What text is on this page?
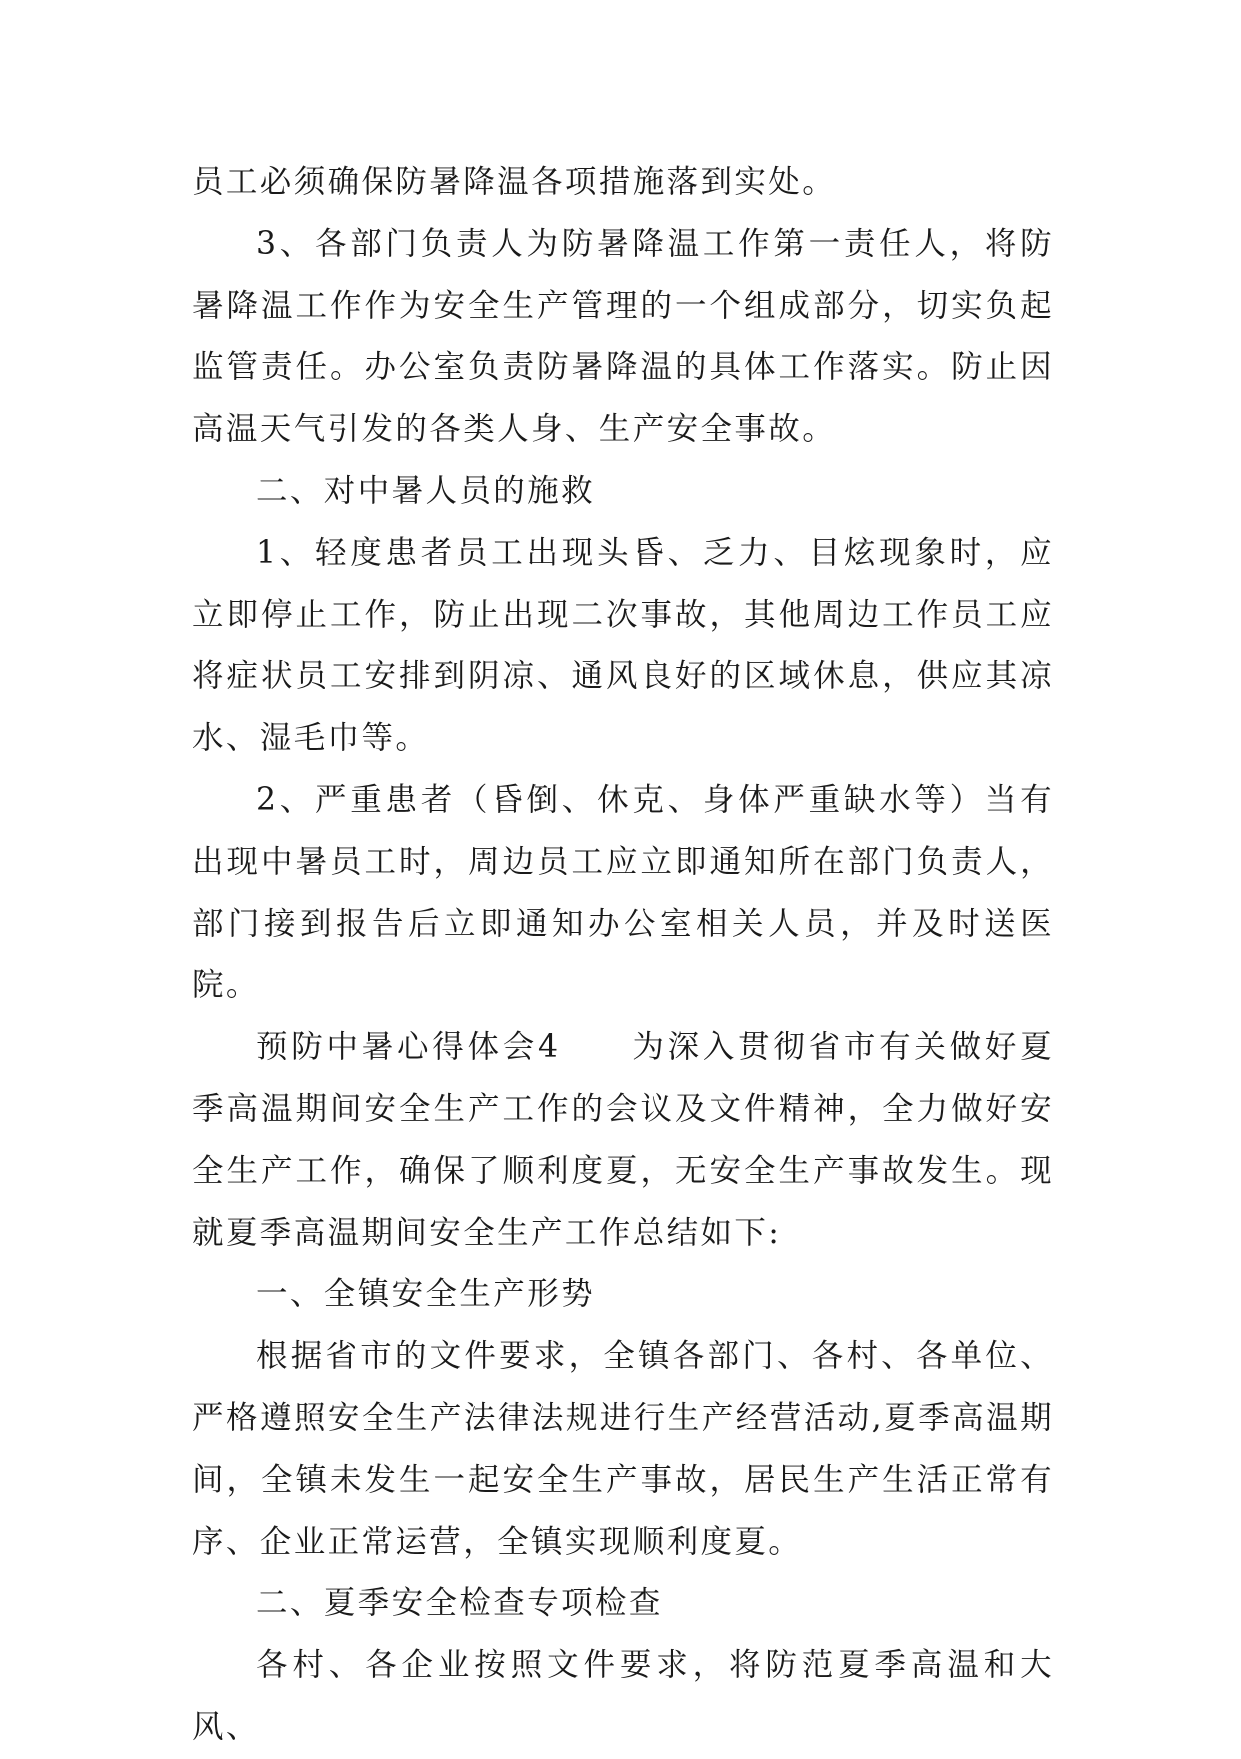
员工必须确保防暑降温各项措施落到实处。

3、各部门负责人为防暑降温工作第一责任人，将防暑降温工作作为安全生产管理的一个组成部分，切实负起监管责任。办公室负责防暑降温的具体工作落实。防止因高温天气引发的各类人身、生产安全事故。

二、对中暑人员的施救

1、轻度患者员工出现头昏、乏力、目炫现象时，应立即停止工作，防止出现二次事故，其他周边工作员工应将症状员工安排到阴凉、通风良好的区域休息，供应其凉水、湿毛巾等。

2、严重患者（昏倒、休克、身体严重缺水等）当有出现中暑员工时，周边员工应立即通知所在部门负责人，部门接到报告后立即通知办公室相关人员，并及时送医院。

预防中暑心得体会4　　为深入贯彻省市有关做好夏季高温期间安全生产工作的会议及文件精神，全力做好安全生产工作，确保了顺利度夏，无安全生产事故发生。现就夏季高温期间安全生产工作总结如下:

一、全镇安全生产形势

根据省市的文件要求，全镇各部门、各村、各单位、严格遵照安全生产法律法规进行生产经营活动,夏季高温期间，全镇未发生一起安全生产事故，居民生产生活正常有序、企业正常运营，全镇实现顺利度夏。

二、夏季安全检查专项检查

各村、各企业按照文件要求，将防范夏季高温和大风、
